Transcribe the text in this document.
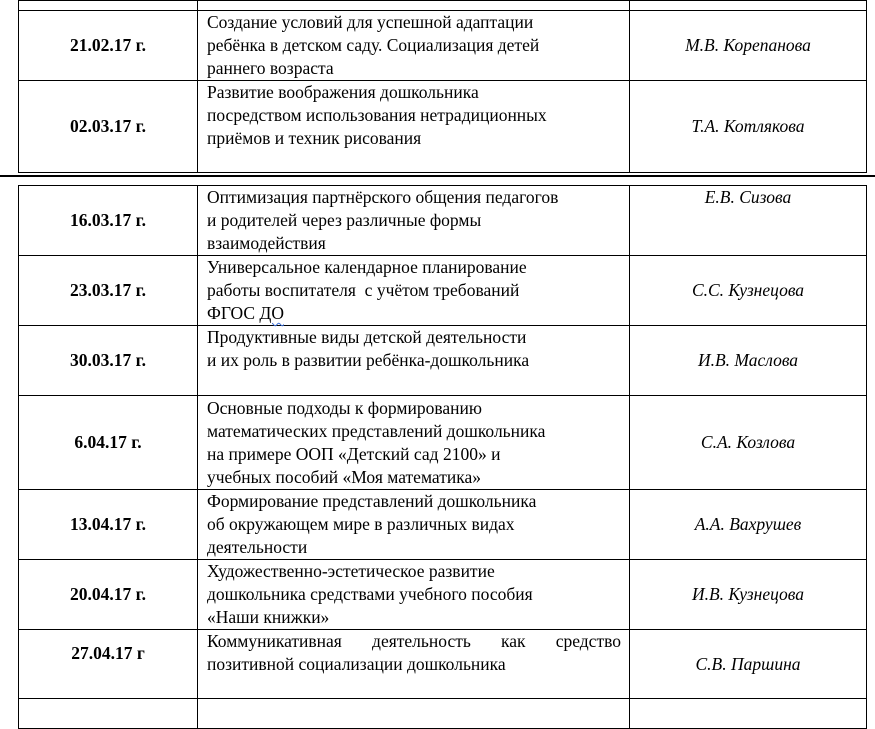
21.02.17 г.	Создание условий для успешной адаптации
ребёнка в детском саду. Социализация детей
раннего возраста	М.В. Корепанова
02.03.17 г.	Развитие воображения дошкольника
посредством использования нетрадиционных
приёмов и техник рисования	Т.А. Котлякова
16.03.17 г.	Оптимизация партнёрского общения педагогов
и родителей через различные формы
взаимодействия	Е.В. Сизова
23.03.17 г.	Универсальное календарное планирование
работы воспитателя  с учётом требований
ФГОС ДО	С.С. Кузнецова
30.03.17 г.	Продуктивные виды детской деятельности
и их роль в развитии ребёнка-дошкольника	И.В. Маслова
6.04.17 г.	Основные подходы к формированию
математических представлений дошкольника
на примере ООП «Детский сад 2100» и
учебных пособий «Моя математика»	С.А. Козлова
13.04.17 г.	Формирование представлений дошкольника
об окружающем мире в различных видах
деятельности	А.А. Вахрушев
20.04.17 г.	Художественно-эстетическое развитие
дошкольника средствами учебного пособия
«Наши книжки»	И.В. Кузнецова
27.04.17 г	Коммуникативная деятельность как средство
позитивной социализации дошкольника	С.В. Паршина
